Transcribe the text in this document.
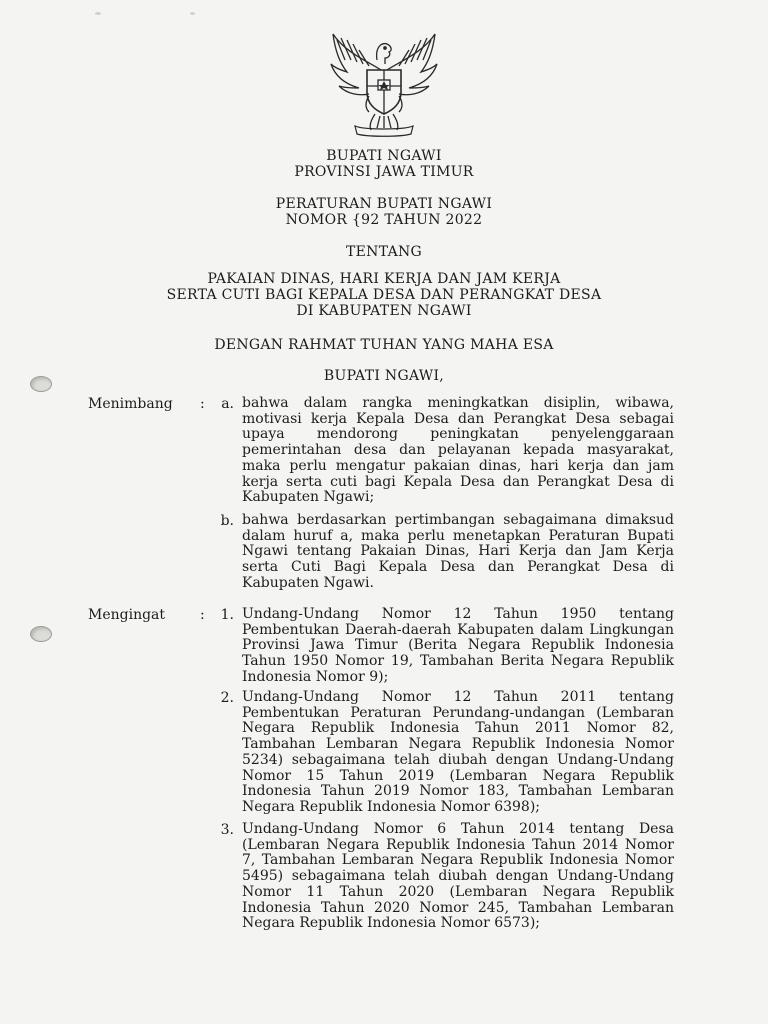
BUPATI NGAWI
PROVINSI JAWA TIMUR
PERATURAN BUPATI NGAWI
NOMOR {92 TAHUN 2022
TENTANG
PAKAIAN DINAS, HARI KERJA DAN JAM KERJA
SERTA CUTI BAGI KEPALA DESA DAN PERANGKAT DESA
DI KABUPATEN NGAWI
DENGAN RAHMAT TUHAN YANG MAHA ESA
BUPATI NGAWI,
Menimbang :	a. bahwa dalam rangka meningkatkan disiplin, wibawa, motivasi kerja Kepala Desa dan Perangkat Desa sebagai upaya mendorong peningkatan penyelenggaraan pemerintahan desa dan pelayanan kepada masyarakat, maka perlu mengatur pakaian dinas, hari kerja dan jam kerja serta cuti bagi Kepala Desa dan Perangkat Desa di Kabupaten Ngawi;
b. bahwa berdasarkan pertimbangan sebagaimana dimaksud dalam huruf a, maka perlu menetapkan Peraturan Bupati Ngawi tentang Pakaian Dinas, Hari Kerja dan Jam Kerja serta Cuti Bagi Kepala Desa dan Perangkat Desa di Kabupaten Ngawi.
Mengingat :	1. Undang-Undang Nomor 12 Tahun 1950 tentang Pembentukan Daerah-daerah Kabupaten dalam Lingkungan Provinsi Jawa Timur (Berita Negara Republik Indonesia Tahun 1950 Nomor 19, Tambahan Berita Negara Republik Indonesia Nomor 9);
2. Undang-Undang Nomor 12 Tahun 2011 tentang Pembentukan Peraturan Perundang-undangan (Lembaran Negara Republik Indonesia Tahun 2011 Nomor 82, Tambahan Lembaran Negara Republik Indonesia Nomor 5234) sebagaimana telah diubah dengan Undang-Undang Nomor 15 Tahun 2019 (Lembaran Negara Republik Indonesia Tahun 2019 Nomor 183, Tambahan Lembaran Negara Republik Indonesia Nomor 6398);
3. Undang-Undang Nomor 6 Tahun 2014 tentang Desa (Lembaran Negara Republik Indonesia Tahun 2014 Nomor 7, Tambahan Lembaran Negara Republik Indonesia Nomor 5495) sebagaimana telah diubah dengan Undang-Undang Nomor 11 Tahun 2020 (Lembaran Negara Republik Indonesia Tahun 2020 Nomor 245, Tambahan Lembaran Negara Republik Indonesia Nomor 6573);
